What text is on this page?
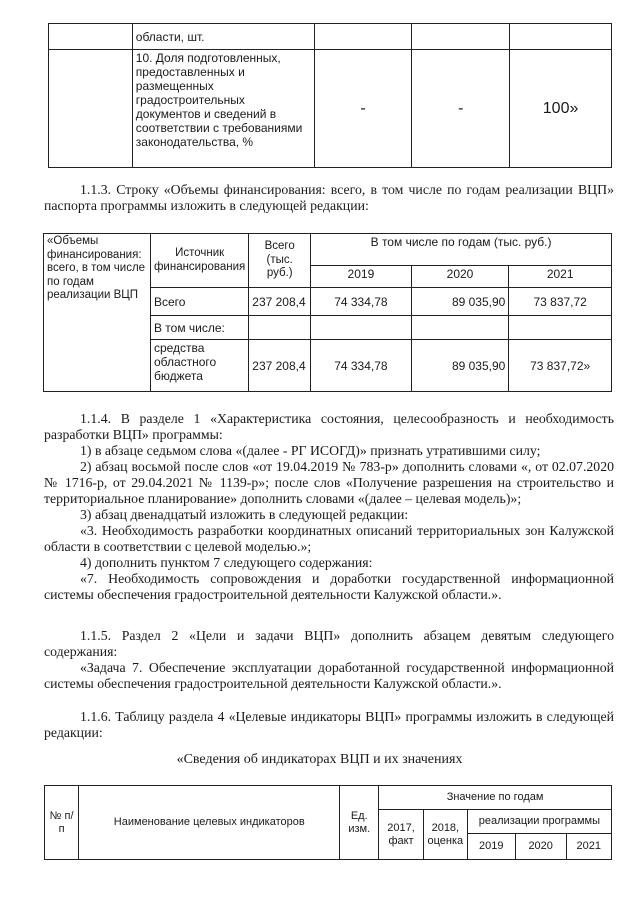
	области, шт.			
	10. Доля подготовленных, предоставленных и размещенных градостроительных документов и сведений в соответствии с требованиями законодательства, %	-	-	100»
1.1.3. Строку «Объемы финансирования: всего, в том числе по годам реализации ВЦП» паспорта программы изложить в следующей редакции:
«Объемы финансирования: всего, в том числе по годам реализации ВЦП	Источник финансирования	Всего (тыс. руб.)	В том числе по годам (тыс. руб.)		
			2019	2020	2021
	Всего	237 208,4	74 334,78	89 035,90	73 837,72
	В том числе:				
	средства областного бюджета	237 208,4	74 334,78	89 035,90	73 837,72»
1.1.4. В разделе 1 «Характеристика состояния, целесообразность и необходимость разработки ВЦП» программы:
1) в абзаце седьмом слова «(далее - РГ ИСОГД)» признать утратившими силу;
2) абзац восьмой после слов «от 19.04.2019 № 783-р» дополнить словами «, от 02.07.2020 № 1716-р, от 29.04.2021 № 1139-р»; после слов «Получение разрешения на строительство и территориальное планирование» дополнить словами «(далее – целевая модель)»;
3) абзац двенадцатый изложить в следующей редакции:
«3. Необходимость разработки координатных описаний территориальных зон Калужской области в соответствии с целевой моделью.»;
4) дополнить пунктом 7 следующего содержания:
«7. Необходимость сопровождения и доработки государственной информационной системы обеспечения градостроительной деятельности Калужской области.».
1.1.5. Раздел 2 «Цели и задачи ВЦП» дополнить абзацем девятым следующего содержания:
«Задача 7. Обеспечение эксплуатации доработанной государственной информационной системы обеспечения градостроительной деятельности Калужской области.».
1.1.6. Таблицу раздела 4 «Целевые индикаторы ВЦП» программы изложить в следующей редакции:
«Сведения об индикаторах ВЦП и их значениях
№ п/п	Наименование целевых индикаторов	Ед. изм.	Значение по годам				
			2017, факт	2018, оценка	реализации программы		
					2019	2020	2021
